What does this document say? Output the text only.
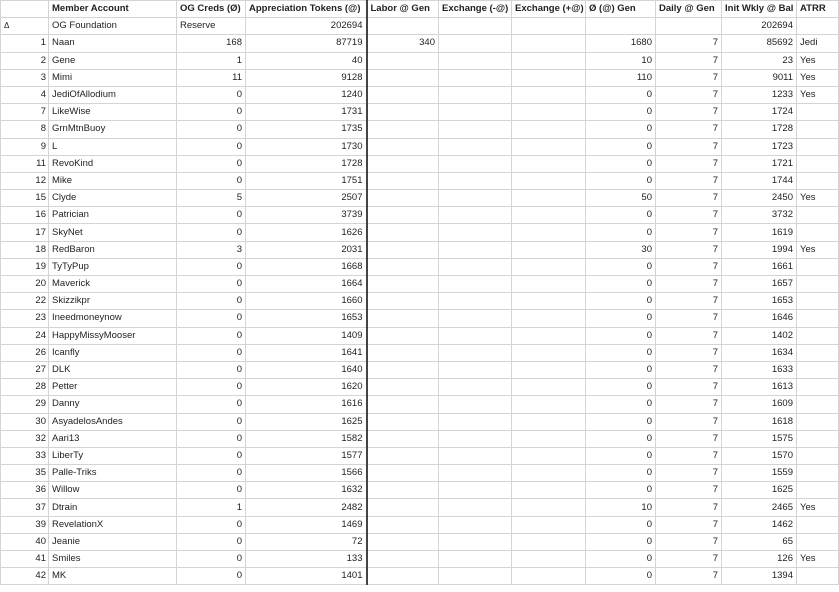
	Member Account	OG Creds (Ø)	Appreciation Tokens (@)	Labor @ Gen	Exchange (-@)	Exchange (+@)	Ø (@) Gen	Daily @ Gen	Init Wkly @ Bal	ATRR
Δ	OG Foundation	Reserve	202694						202694	
1	Naan	168	87719	340			1680	7	85692	Jedi
2	Gene	1	40				10	7	23	Yes
3	Mimi	11	9128				110	7	9011	Yes
4	JediOfAllodium	0	1240				0	7	1233	Yes
7	LikeWise	0	1731				0	7	1724	
8	GrnMtnBuoy	0	1735				0	7	1728	
9	L	0	1730				0	7	1723	
11	RevoKind	0	1728				0	7	1721	
12	Mike	0	1751				0	7	1744	
15	Clyde	5	2507				50	7	2450	Yes
16	Patrician	0	3739				0	7	3732	
17	SkyNet	0	1626				0	7	1619	
18	RedBaron	3	2031				30	7	1994	Yes
19	TyTyPup	0	1668				0	7	1661	
20	Maverick	0	1664				0	7	1657	
22	Skizzikpr	0	1660				0	7	1653	
23	Ineedmoneynow	0	1653				0	7	1646	
24	HappyMissyMooser	0	1409				0	7	1402	
26	Icanfly	0	1641				0	7	1634	
27	DLK	0	1640				0	7	1633	
28	Petter	0	1620				0	7	1613	
29	Danny	0	1616				0	7	1609	
30	AsyadelosAndes	0	1625				0	7	1618	
32	Aari13	0	1582				0	7	1575	
33	LiberTy	0	1577				0	7	1570	
35	Palle-Triks	0	1566				0	7	1559	
36	Willow	0	1632				0	7	1625	
37	Dtrain	1	2482				10	7	2465	Yes
39	RevelationX	0	1469				0	7	1462	
40	Jeanie	0	72				0	7	65	
41	Smiles	0	133				0	7	126	Yes
42	MK	0	1401				0	7	1394	
